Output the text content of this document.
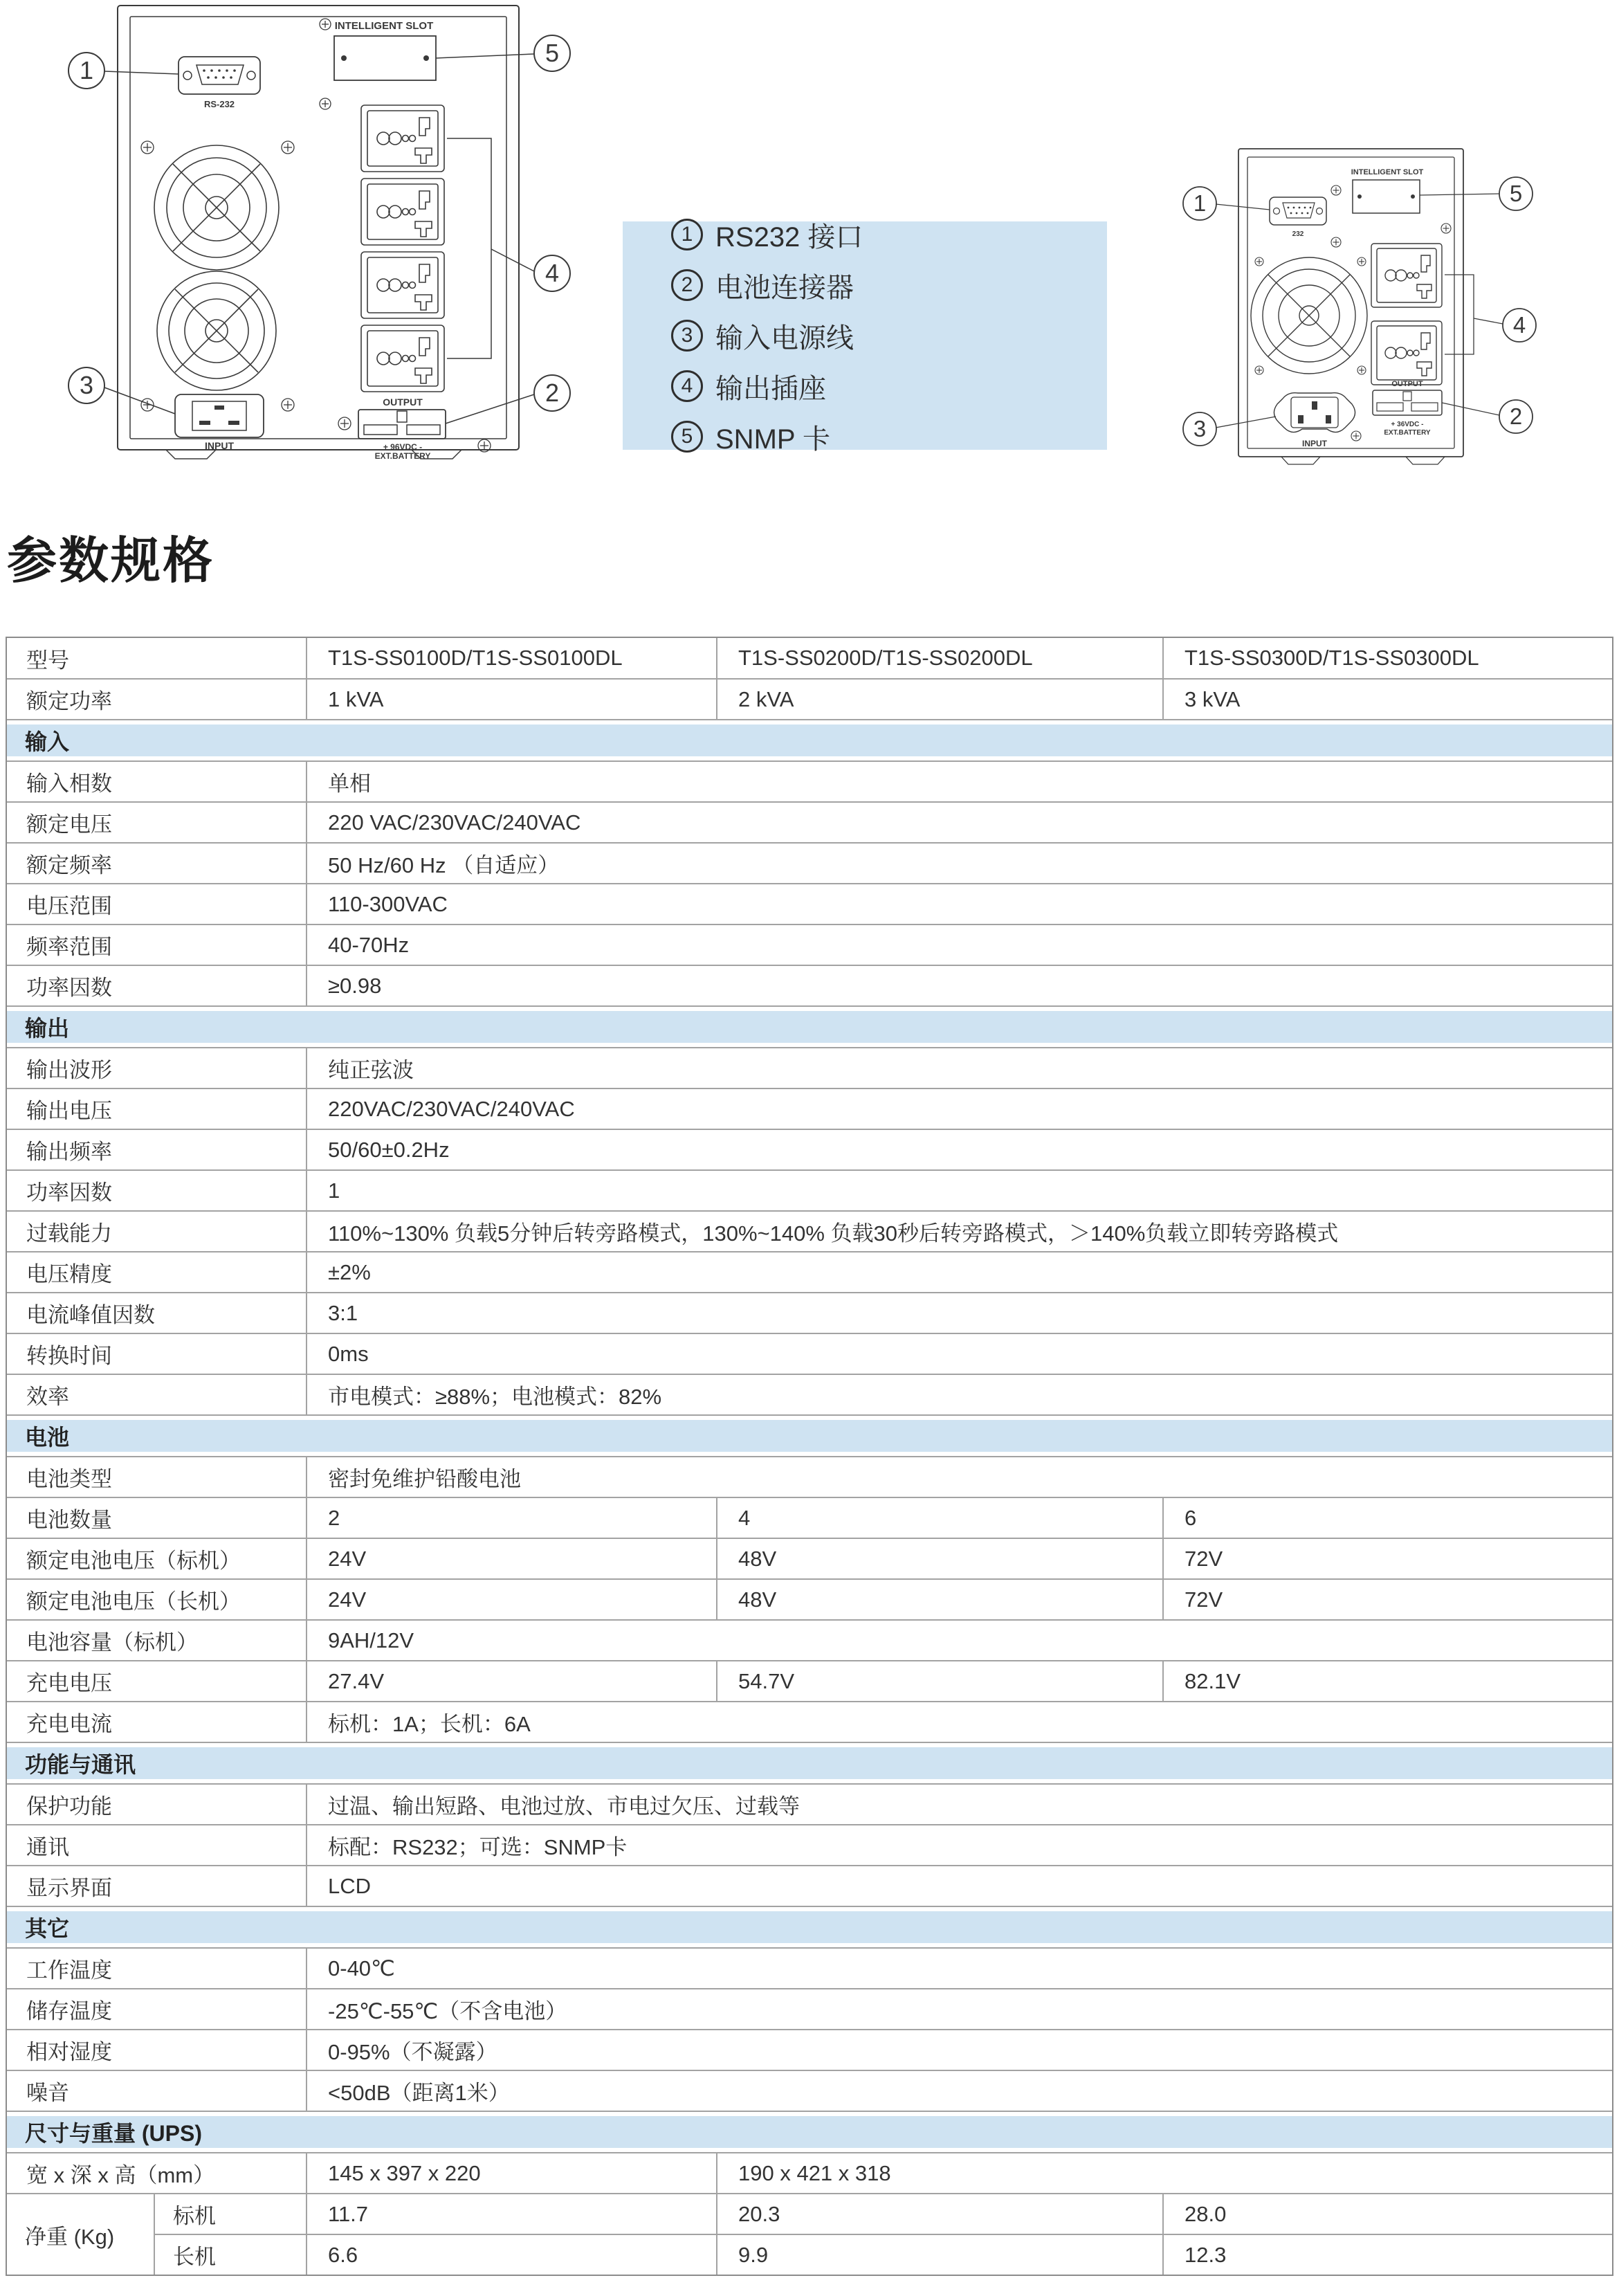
INTELLIGENT SLOT
5
RS-232
1
4
INPUT
3
OUTPUT
+ 96VDC -
EXT.BATTERY
2
1 RS232 接口
2 电池连接器
3 输入电源线
4 输出插座
5 SNMP 卡
INTELLIGENT SLOT
5
232
1
4
INPUT
3
OUTPUT
+ 36VDC -
EXT.BATTERY
2
参数规格
型号	T1S-SS0100D/T1S-SS0100DL	T1S-SS0200D/T1S-SS0200DL	T1S-SS0300D/T1S-SS0300DL
额定功率	1 kVA	2 kVA	3 kVA
输入
输入相数	单相
额定电压	220 VAC/230VAC/240VAC
额定频率	50 Hz/60 Hz （自适应）
电压范围	110-300VAC
频率范围	40-70Hz
功率因数	≥0.98
输出
输出波形	纯正弦波
输出电压	220VAC/230VAC/240VAC
输出频率	50/60±0.2Hz
功率因数	1
过载能力	110%~130% 负载5分钟后转旁路模式，130%~140% 负载30秒后转旁路模式，＞140%负载立即转旁路模式
电压精度	±2%
电流峰值因数	3:1
转换时间	0ms
效率	市电模式：≥88%；电池模式：82%
电池
电池类型	密封免维护铅酸电池
电池数量	2	4	6
额定电池电压（标机）	24V	48V	72V
额定电池电压（长机）	24V	48V	72V
电池容量（标机）	9AH/12V
充电电压	27.4V	54.7V	82.1V
充电电流	标机：1A；长机：6A
功能与通讯
保护功能	过温、输出短路、电池过放、市电过欠压、过载等
通讯	标配：RS232；可选：SNMP卡
显示界面	LCD
其它
工作温度	0-40℃
储存温度	-25℃-55℃（不含电池）
相对湿度	0-95%（不凝露）
噪音	<50dB（距离1米）
尺寸与重量 (UPS)
宽 x 深 x 高（mm）	145 x 397 x 220	190 x 421 x 318
净重 (Kg)
标机	11.7	20.3	28.0
长机	6.6	9.9	12.3
